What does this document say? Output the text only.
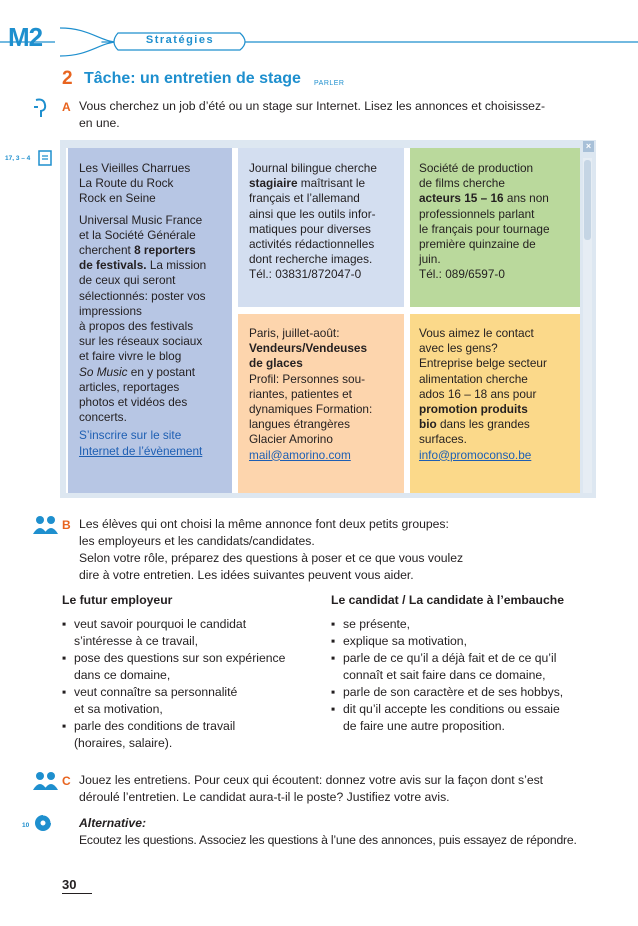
M2	Stratégies
2 Tâche: un entretien de stage PARLER
A Vous cherchez un job d’été ou un stage sur Internet. Lisez les annonces et choisissez-
en une.
17, 3 – 4
×
Les Vieilles Charrues
La Route du Rock
Rock en Seine
Universal Music France
et la Société Générale
cherchent 8 reporters
de festivals. La mission
de ceux qui seront
sélectionnés: poster vos
impressions
à propos des festivals
sur les réseaux sociaux
et faire vivre le blog
So Music en y postant
articles, reportages
photos et vidéos des
concerts.
S’inscrire sur le site
Internet de l’évènement
Journal bilingue cherche
stagiaire maîtrisant le
français et l’allemand
ainsi que les outils infor-
matiques pour diverses
activités rédactionnelles
dont recherche images.
Tél.: 03831/872047-0
Société de production
de films cherche
acteurs 15 – 16 ans non
professionnels parlant
le français pour tournage
première quinzaine de
juin.
Tél.: 089/6597-0
Paris, juillet-août:
Vendeurs/Vendeuses
de glaces
Profil: Personnes sou-
riantes, patientes et
dynamiques Formation:
langues étrangères
Glacier Amorino
mail@amorino.com
Vous aimez le contact
avec les gens?
Entreprise belge secteur
alimentation cherche
ados 16 – 18 ans pour
promotion produits
bio dans les grandes
surfaces.
info@promoconso.be
B Les élèves qui ont choisi la même annonce font deux petits groupes:
les employeurs et les candidats/candidates.
Selon votre rôle, préparez des questions à poser et ce que vous voulez
dire à votre entretien. Les idées suivantes peuvent vous aider.
Le futur employeur	Le candidat / La candidate à l’embauche
▪ veut savoir pourquoi le candidat
s’intéresse à ce travail,
▪ pose des questions sur son expérience
dans ce domaine,
▪ veut connaître sa personnalité
et sa motivation,
▪ parle des conditions de travail
(horaires, salaire).
▪ se présente,
▪ explique sa motivation,
▪ parle de ce qu’il a déjà fait et de ce qu’il
connaît et sait faire dans ce domaine,
▪ parle de son caractère et de ses hobbys,
▪ dit qu’il accepte les conditions ou essaie
de faire une autre proposition.
C Jouez les entretiens. Pour ceux qui écoutent: donnez votre avis sur la façon dont s’est
déroulé l’entretien. Le candidat aura-t-il le poste? Justifiez votre avis.
10	Alternative:
Ecoutez les questions. Associez les questions à l’une des annonces, puis essayez de répondre.
30
